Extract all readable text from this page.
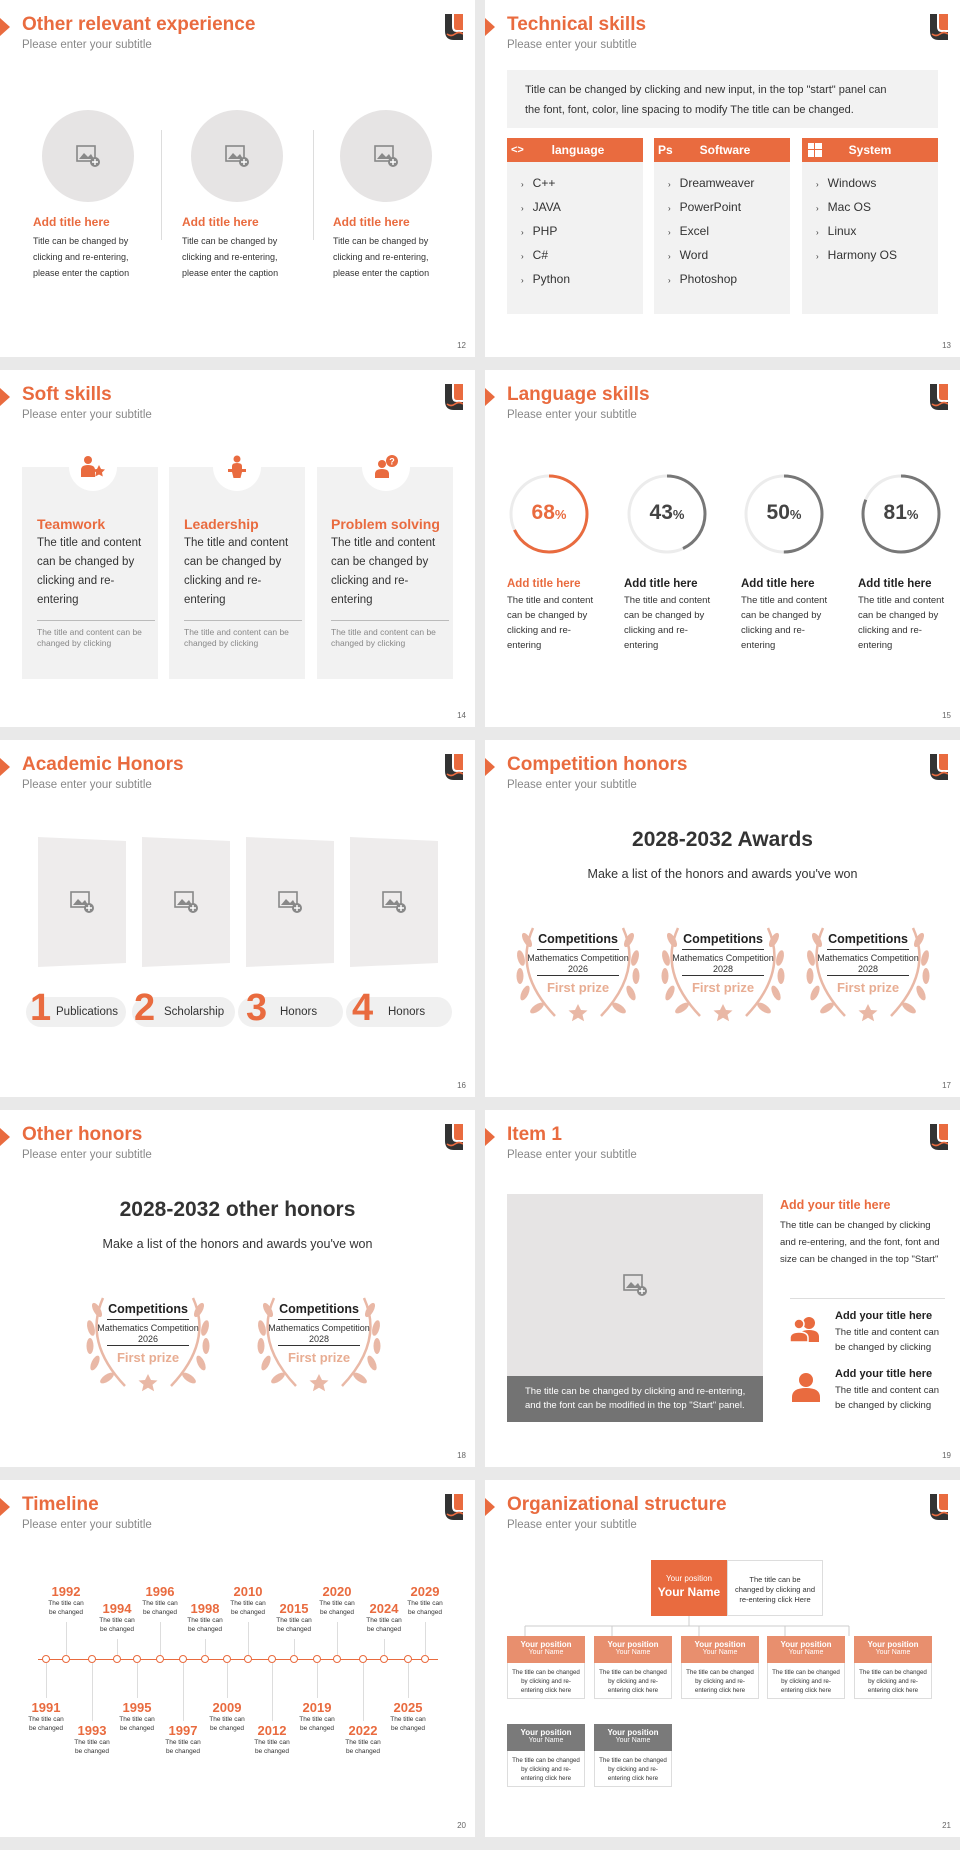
Other relevant experience
Please enter your subtitle
Add title here
Title can be changed by
clicking and re-entering,
please enter the caption
Add title here
Title can be changed by
clicking and re-entering,
please enter the caption
Add title here
Title can be changed by
clicking and re-entering,
please enter the caption
12
Technical skills
Please enter your subtitle
Title can be changed by clicking and new input, in the top "start" panel can
the font, font, color, line spacing to modify The title can be changed.
<>	language
› C++
› JAVA
› PHP
› C#
› Python
Ps	Software
› Dreamweaver
› PowerPoint
› Excel
› Word
› Photoshop
System
› Windows
› Mac OS
› Linux
› Harmony OS
13
Soft skills
Please enter your subtitle
Teamwork
The title and content
can be changed by
clicking and re-
entering
The title and content can be
changed by clicking
Leadership
The title and content
can be changed by
clicking and re-
entering
The title and content can be
changed by clicking
?
Problem solving
The title and content
can be changed by
clicking and re-
entering
The title and content can be
changed by clicking
14
Language skills
Please enter your subtitle
68%	43%	50%	81%
Add title here
The title and content
can be changed by
clicking and re-
entering
Add title here
The title and content
can be changed by
clicking and re-
entering
Add title here
The title and content
can be changed by
clicking and re-
entering
Add title here
The title and content
can be changed by
clicking and re-
entering
15
Academic Honors
Please enter your subtitle
1 Publications 2 Scholarship 3 Honors 4 Honors
16
Competition honors
Please enter your subtitle
2028-2032 Awards
Make a list of the honors and awards you've won
Competitions
Mathematics Competition
2026
First prize
Competitions
Mathematics Competition
2028
First prize
Competitions
Mathematics Competition
2028
First prize
17
Other honors
Please enter your subtitle
2028-2032 other honors
Make a list of the honors and awards you've won
Competitions
Mathematics Competition
2026
First prize
Competitions
Mathematics Competition
2028
First prize
18
Item 1
Please enter your subtitle
The title can be changed by clicking and re-entering,
and the font can be modified in the top "Start" panel.
Add your title here
The title can be changed by clicking
and re-entering, and the font, font and
size can be changed in the top "Start"
Add your title here
The title and content can
be changed by clicking
Add your title here
The title and content can
be changed by clicking
19
Timeline
Please enter your subtitle
1992
The title can
be changed	1994
The title can
be changed
1996
The title can
be changed	1998
The title can
be changed
2010
The title can
be changed	2015
The title can
be changed
2020
The title can
be changed	2024
The title can
be changed
2029
The title can
be changed
1991
The title can
be changed	1993
The title can
be changed
1995
The title can
be changed	1997
The title can
be changed
2009
The title can
be changed	2012
The title can
be changed
2019
The title can
be changed	2022
The title can
be changed
2025
The title can
be changed
20
Organizational structure
Please enter your subtitle
Your position
Your Name
The title can be
changed by clicking and
re-entering click Here
Your position
Your Name
The title can be changed
by clicking and re-
entering click here
Your position
Your Name
The title can be changed
by clicking and re-
entering click here
Your position
Your Name
The title can be changed
by clicking and re-
entering click here
Your position
Your Name
The title can be changed
by clicking and re-
entering click here
Your position
Your Name
The title can be changed
by clicking and re-
entering click here
Your position
Your Name
The title can be changed
by clicking and re-
entering click here
Your position
Your Name
The title can be changed
by clicking and re-
entering click here
21
